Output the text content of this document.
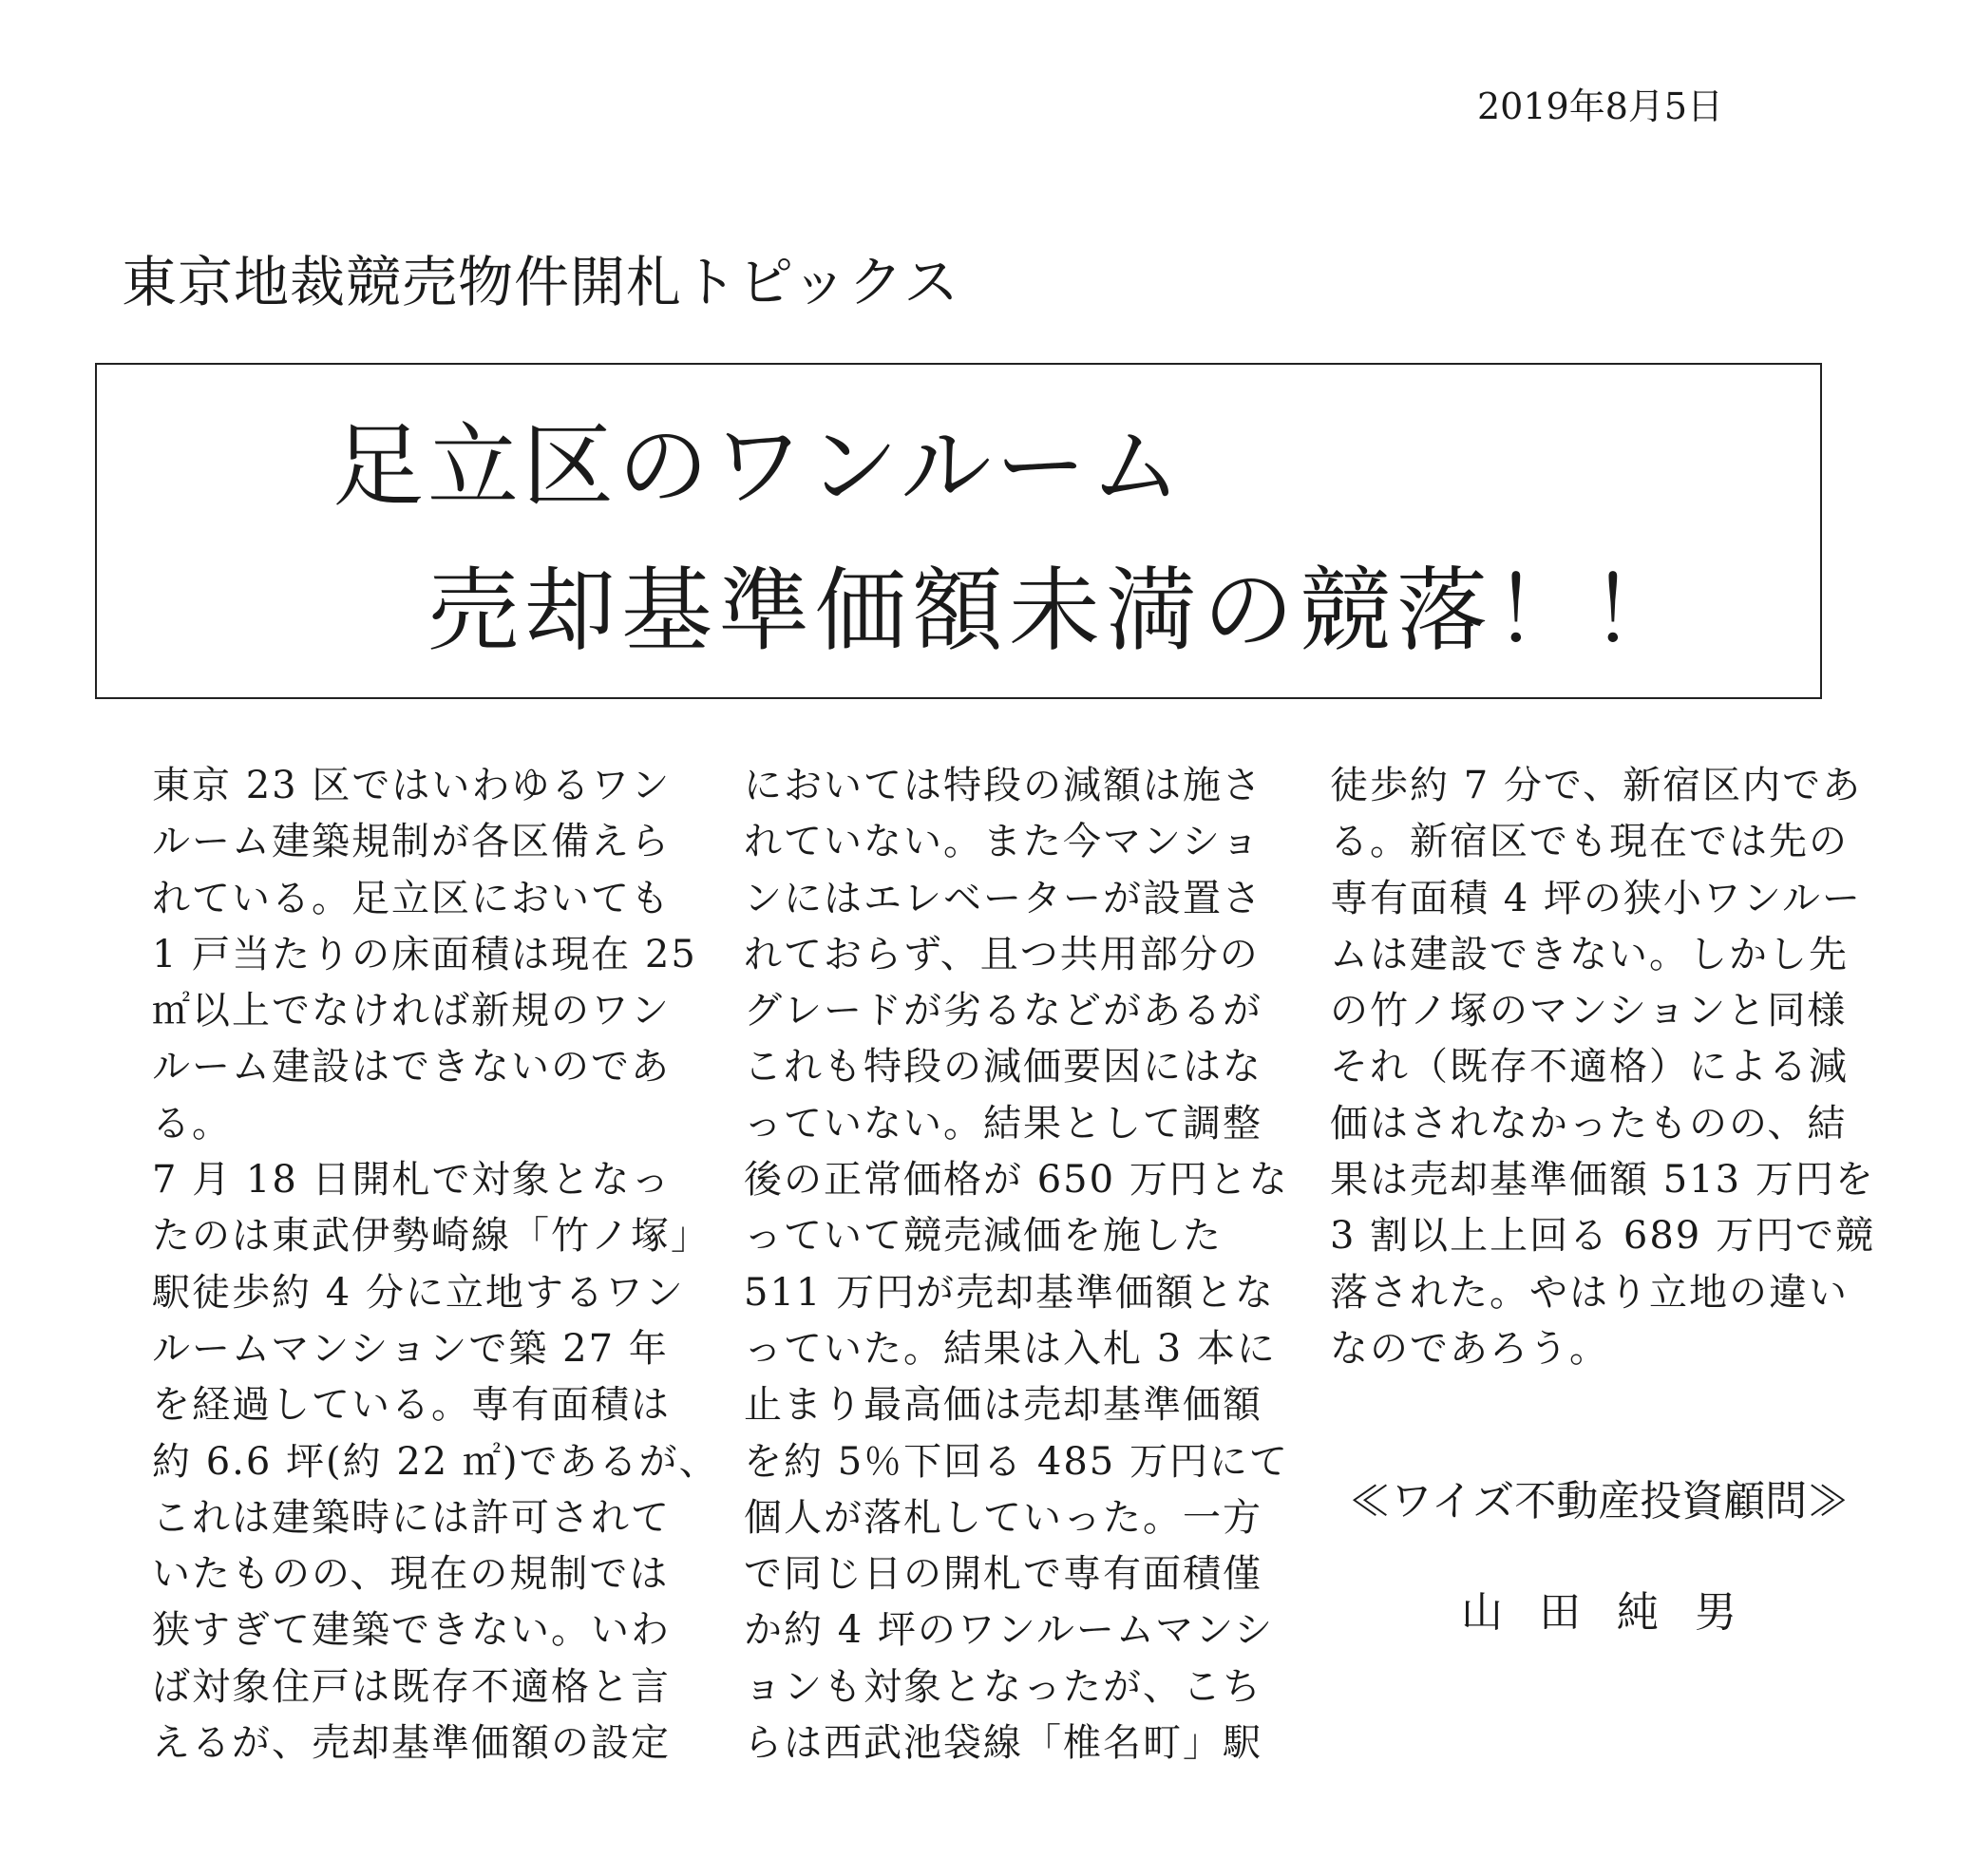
2019年8月5日
東京地裁競売物件開札トピックス
足立区のワンルーム
売却基準価額未満の競落！！
東京 23 区ではいわゆるワン
ルーム建築規制が各区備えら
れている。足立区においても
1 戸当たりの床面積は現在 25
㎡以上でなければ新規のワン
ルーム建設はできないのであ
る。
7 月 18 日開札で対象となっ
たのは東武伊勢崎線「竹ノ塚」
駅徒歩約 4 分に立地するワン
ルームマンションで築 27 年
を経過している。専有面積は
約 6.6 坪(約 22 ㎡)であるが、
これは建築時には許可されて
いたものの、現在の規制では
狭すぎて建築できない。いわ
ば対象住戸は既存不適格と言
えるが、売却基準価額の設定
においては特段の減額は施さ
れていない。また今マンショ
ンにはエレベーターが設置さ
れておらず、且つ共用部分の
グレードが劣るなどがあるが
これも特段の減価要因にはな
っていない。結果として調整
後の正常価格が 650 万円とな
っていて競売減価を施した
511 万円が売却基準価額とな
っていた。結果は入札 3 本に
止まり最高価は売却基準価額
を約 5％下回る 485 万円にて
個人が落札していった。一方
で同じ日の開札で専有面積僅
か約 4 坪のワンルームマンシ
ョンも対象となったが、こち
らは西武池袋線「椎名町」駅
徒歩約 7 分で、新宿区内であ
る。新宿区でも現在では先の
専有面積 4 坪の狭小ワンルー
ムは建設できない。しかし先
の竹ノ塚のマンションと同様
それ（既存不適格）による減
価はされなかったものの、結
果は売却基準価額 513 万円を
3 割以上上回る 689 万円で競
落された。やはり立地の違い
なのであろう。
≪ワイズ不動産投資顧問≫
山田純男
